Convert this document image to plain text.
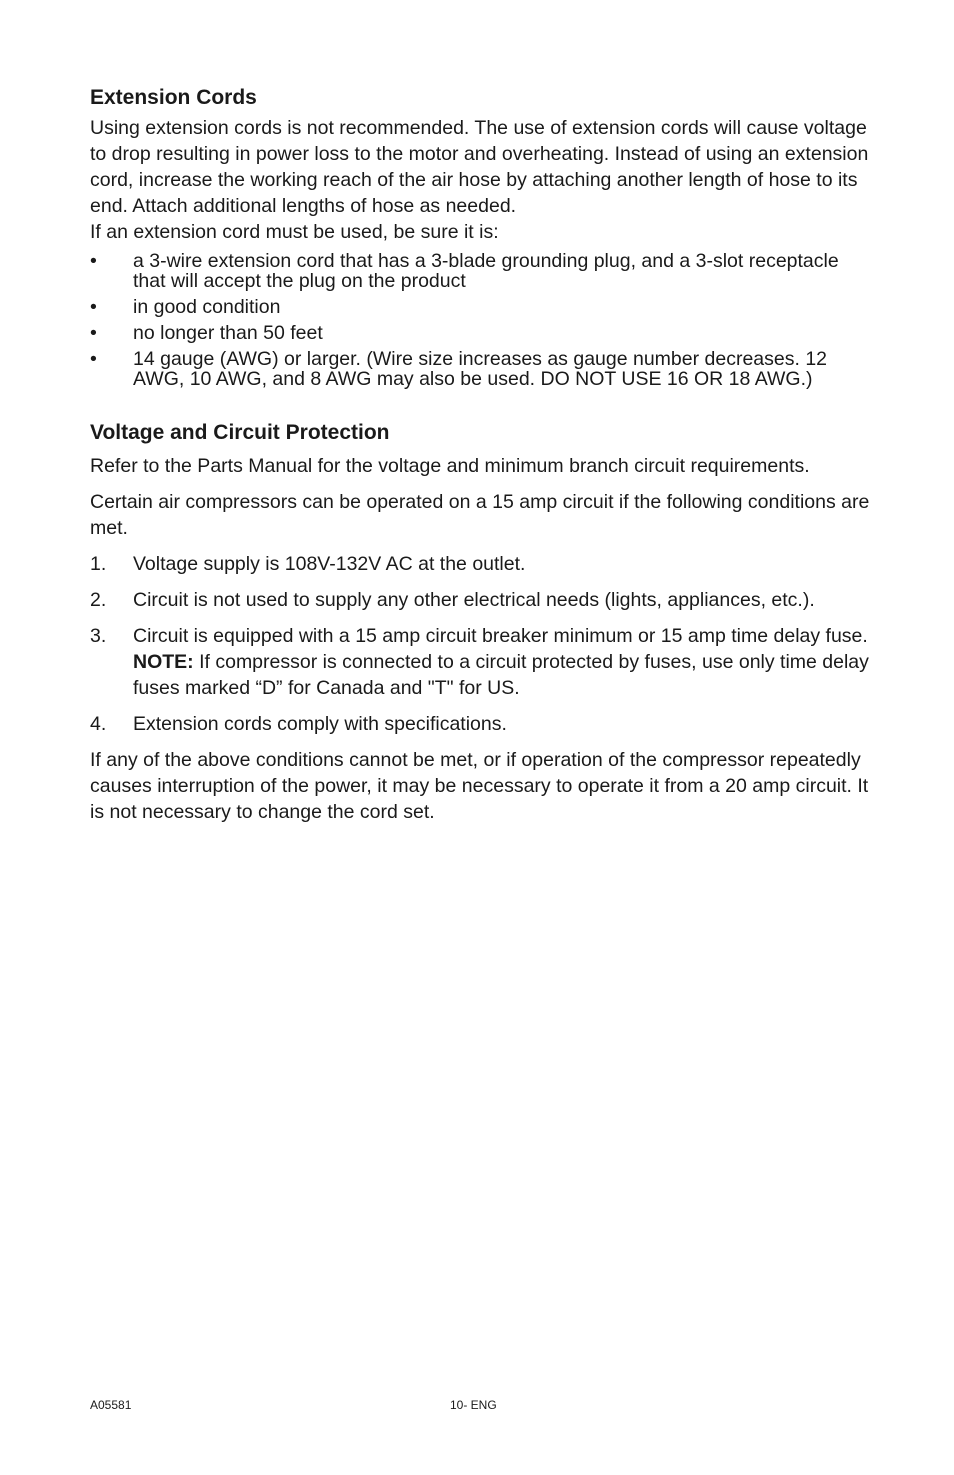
Extension Cords

Using extension cords is not recommended. The use of extension cords will cause voltage to drop resulting in power loss to the motor and overheating. Instead of using an extension cord, increase the working reach of the air hose by attaching another length of hose to its end. Attach additional lengths of hose as needed.

If an extension cord must be used, be sure it is:

• a 3-wire extension cord that has a 3-blade grounding plug, and a 3-slot receptacle that will accept the plug on the product
• in good condition
• no longer than 50 feet
• 14 gauge (AWG) or larger. (Wire size increases as gauge number decreases. 12 AWG, 10 AWG, and 8 AWG may also be used. DO NOT USE 16 OR 18 AWG.)
Voltage and Circuit Protection

Refer to the Parts Manual for the voltage and minimum branch circuit requirements.

Certain air compressors can be operated on a 15 amp circuit if the following conditions are met.

1. Voltage supply is 108V-132V AC at the outlet.
2. Circuit is not used to supply any other electrical needs (lights, appliances, etc.).
3. Circuit is equipped with a 15 amp circuit breaker minimum or 15 amp time delay fuse. NOTE: If compressor is connected to a circuit protected by fuses, use only time delay fuses marked “D” for Canada and "T" for US.
4. Extension cords comply with specifications.

If any of the above conditions cannot be met, or if operation of the compressor repeatedly causes interruption of the power, it may be necessary to operate it from a 20 amp circuit. It is not necessary to change the cord set.

A05581	10- ENG
